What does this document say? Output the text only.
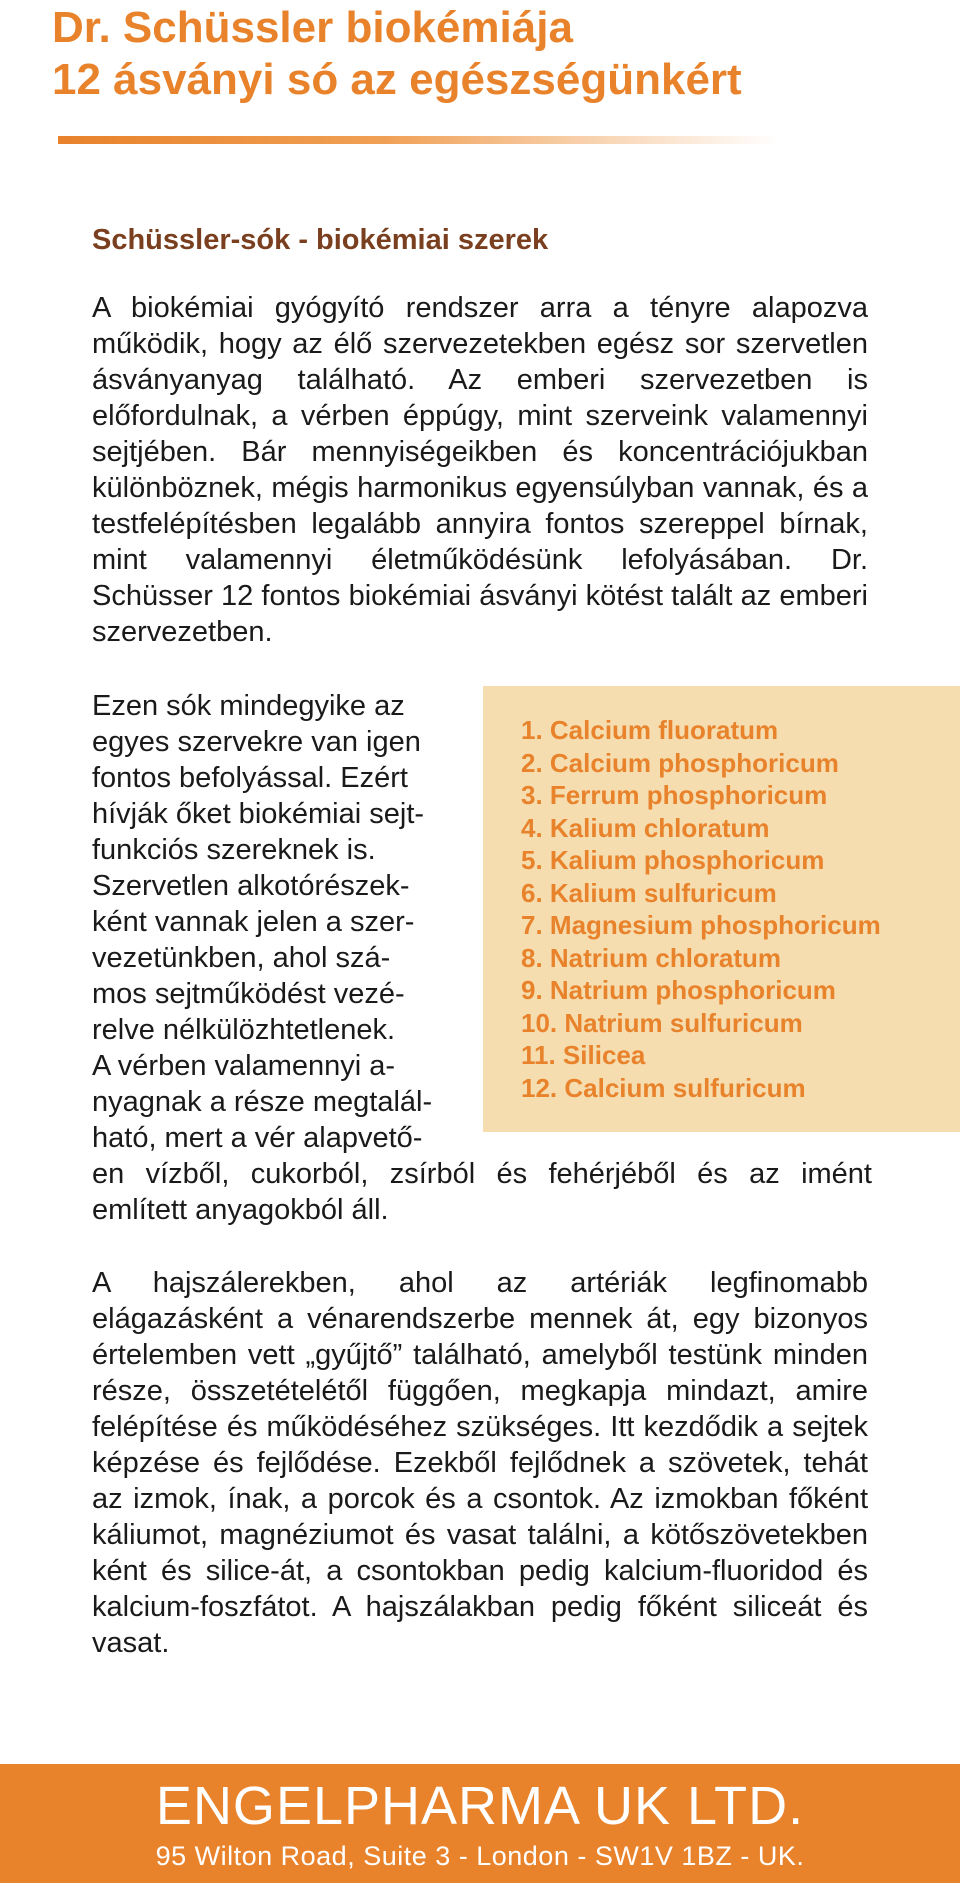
Dr. Schüssler biokémiája
12 ásványi só az egészségünkért
Schüssler-sók - biokémiai szerek

A biokémiai gyógyító rendszer arra a tényre alapozva működik, hogy az élő szervezetekben egész sor szervetlen ásványanyag található. Az emberi szervezetben is előfordulnak, a vérben éppúgy, mint szerveink valamennyi sejtjében. Bár mennyiségeikben és koncentrációjukban különböznek, mégis harmonikus egyensúlyban vannak, és a testfelépítésben legalább annyira fontos szereppel bírnak, mint valamennyi életműködésünk lefolyásában. Dr. Schüsser 12 fontos biokémiai ásványi kötést talált az emberi szervezetben.

1. Calcium fluoratum
2. Calcium phosphoricum
3. Ferrum phosphoricum
4. Kalium chloratum
5. Kalium phosphoricum
6. Kalium sulfuricum
7. Magnesium phosphoricum
8. Natrium chloratum
9. Natrium phosphoricum
10. Natrium sulfuricum
11. Silicea
12. Calcium sulfuricum
Ezen sók mindegyike az
egyes szervekre van igen
fontos befolyással. Ezért
hívják őket biokémiai sejt-
funkciós szereknek is.
Szervetlen alkotórészek-
ként vannak jelen a szer-
vezetünkben, ahol szá-
mos sejtműködést vezé-
relve nélkülözhtetlenek.
A vérben valamennyi a-
nyagnak a része megtalál-
ható, mert a vér alapvető-
en vízből, cukorból, zsírból és fehérjéből és az imént
említett anyagokból áll.

A hajszálerekben, ahol az artériák legfinomabb elágazásként a vénarendszerbe mennek át, egy bizonyos értelemben vett „gyűjtő” található, amelyből testünk minden része, összetételétől függően, megkapja mindazt, amire felépítése és működéséhez szükséges. Itt kezdődik a sejtek képzése és fejlődése. Ezekből fejlődnek a szövetek, tehát az izmok, ínak, a porcok és a csontok. Az izmokban főként káliumot, magnéziumot és vasat találni, a kötőszövetekben ként és silice-át, a csontokban pedig kalcium-fluoridod és kalcium-foszfátot. A hajszálakban pedig főként siliceát és vasat.

ENGELPHARMA UK LTD.
95 Wilton Road, Suite 3 - London - SW1V 1BZ - UK.
